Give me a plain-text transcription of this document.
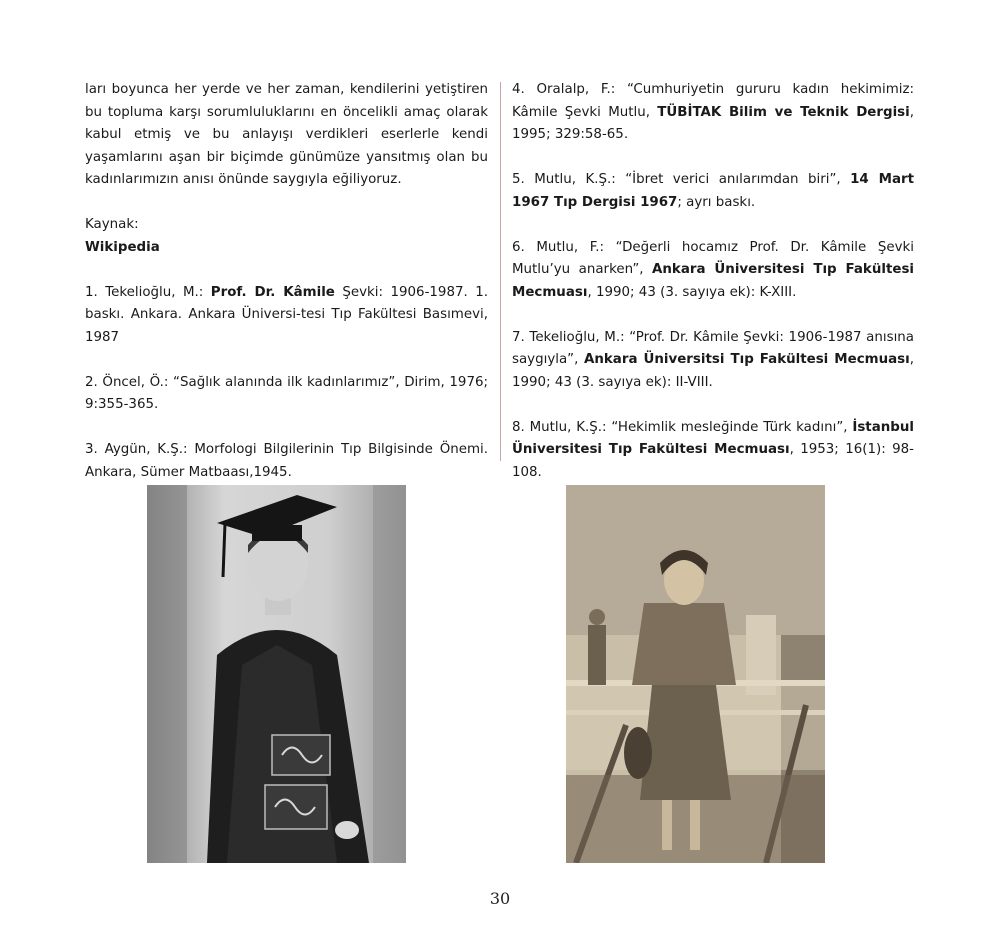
ları boyunca her yerde ve her zaman, kendilerini yetiştiren bu topluma karşı sorumluluklarını en öncelikli amaç olarak kabul etmiş ve bu anlayışı verdikleri eserlerle kendi yaşamlarını aşan bir biçimde günümüze yansıtmış olan bu kadınlarımızın anısı önünde saygıyla eğiliyoruz.

Kaynak:

Wikipedia

1. Tekelioğlu, M.: Prof. Dr. Kâmile Şevki: 1906-1987. 1. baskı. Ankara. Ankara Üniversi-tesi Tıp Fakültesi Basımevi, 1987

2. Öncel, Ö.: “Sağlık alanında ilk kadınlarımız”, Dirim, 1976; 9:355-365.

3. Aygün, K.Ş.: Morfologi Bilgilerinin Tıp Bilgisinde Önemi. Ankara, Sümer Matbaası,1945.

4. Oralalp, F.: “Cumhuriyetin gururu kadın hekimimiz: Kâmile Şevki Mutlu, TÜBİTAK Bilim ve Teknik Dergisi, 1995; 329:58-65.

5. Mutlu, K.Ş.: “İbret verici anılarımdan biri”, 14 Mart 1967 Tıp Dergisi 1967; ayrı baskı.

6. Mutlu, F.: “Değerli hocamız Prof. Dr. Kâmile Şevki Mutlu’yu anarken”, Ankara Üniversitesi Tıp Fakültesi Mecmuası, 1990; 43 (3. sayıya ek): K-XIII.

7. Tekelioğlu, M.: “Prof. Dr. Kâmile Şevki: 1906-1987 anısına saygıyla”, Ankara Üniversitsi Tıp Fakültesi Mecmuası, 1990; 43 (3. sayıya ek): II-VIII.

8. Mutlu, K.Ş.: “Hekimlik mesleğinde Türk kadını”, İstanbul Üniversitesi Tıp Fakültesi Mecmuası, 1953; 16(1): 98-108.

30
